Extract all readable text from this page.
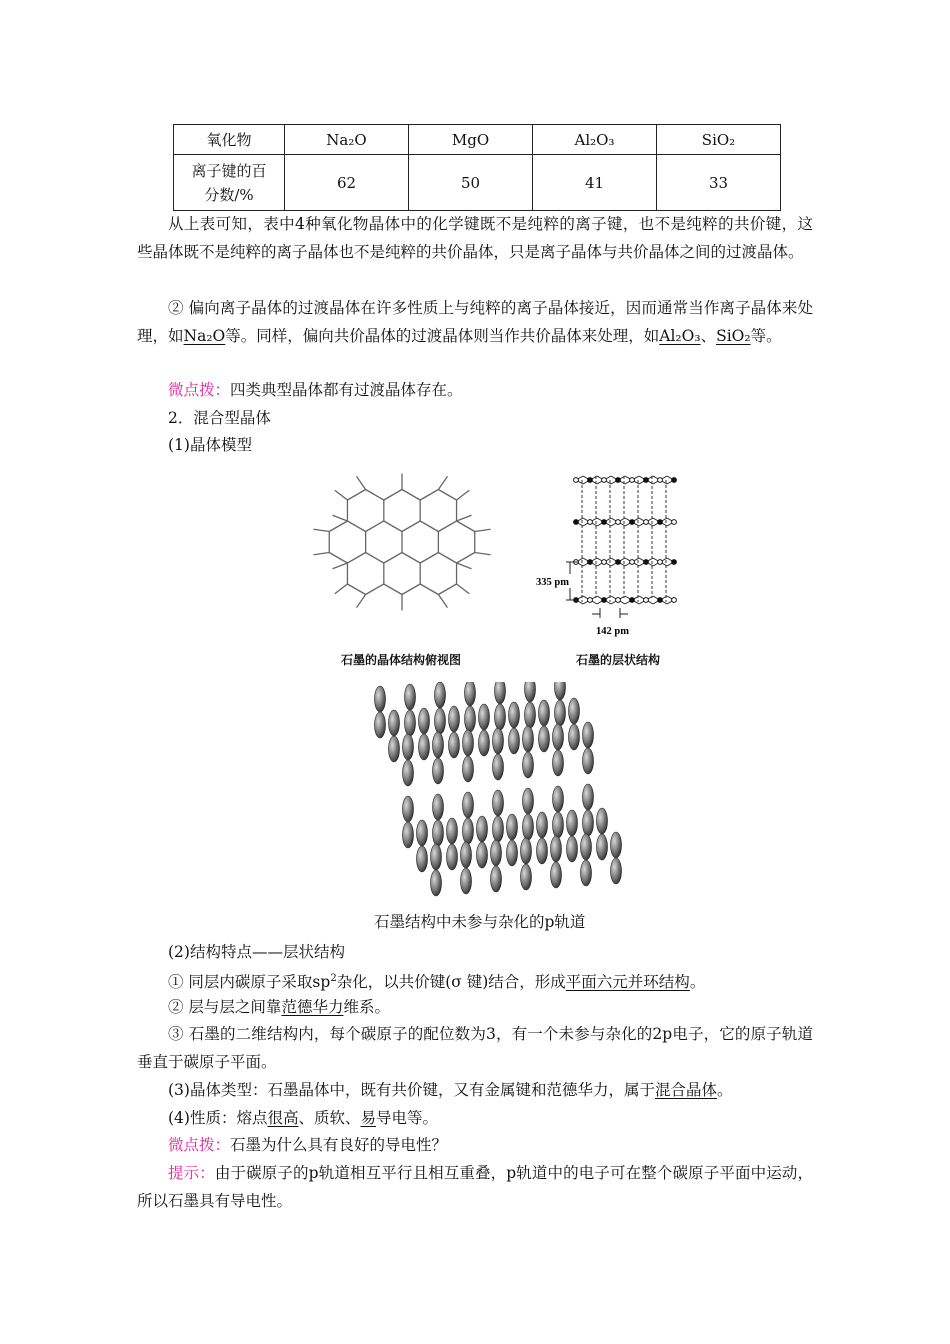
氧化物	Na₂O	MgO	Al₂O₃	SiO₂

离子键的百
分数/%	62	50	41	33
从上表可知，表中4种氧化物晶体中的化学键既不是纯粹的离子键，也不是纯粹的共价键，这些晶体既不是纯粹的离子晶体也不是纯粹的共价晶体，只是离子晶体与共价晶体之间的过渡晶体。
② 偏向离子晶体的过渡晶体在许多性质上与纯粹的离子晶体接近，因而通常当作离子晶体来处理，如Na₂O等。同样，偏向共价晶体的过渡晶体则当作共价晶体来处理，如Al₂O₃、SiO₂等。
微点拨：四类典型晶体都有过渡晶体存在。
2．混合型晶体
(1)晶体模型
石墨的晶体结构俯视图
335 pm
142 pm
石墨的层状结构
石墨结构中未参与杂化的p轨道
(2)结构特点——层状结构
① 同层内碳原子采取$sp^2$杂化，以共价键(σ 键)结合，形成平面六元并环结构。
② 层与层之间靠范德华力维系。
③ 石墨的二维结构内，每个碳原子的配位数为3，有一个未参与杂化的2p电子，它的原子轨道垂直于碳原子平面。
(3)晶体类型：石墨晶体中，既有共价键，又有金属键和范德华力，属于混合晶体。
(4)性质：熔点很高、质软、易导电等。
微点拨：石墨为什么具有良好的导电性？
提示：由于碳原子的p轨道相互平行且相互重叠，p轨道中的电子可在整个碳原子平面中运动，所以石墨具有导电性。
